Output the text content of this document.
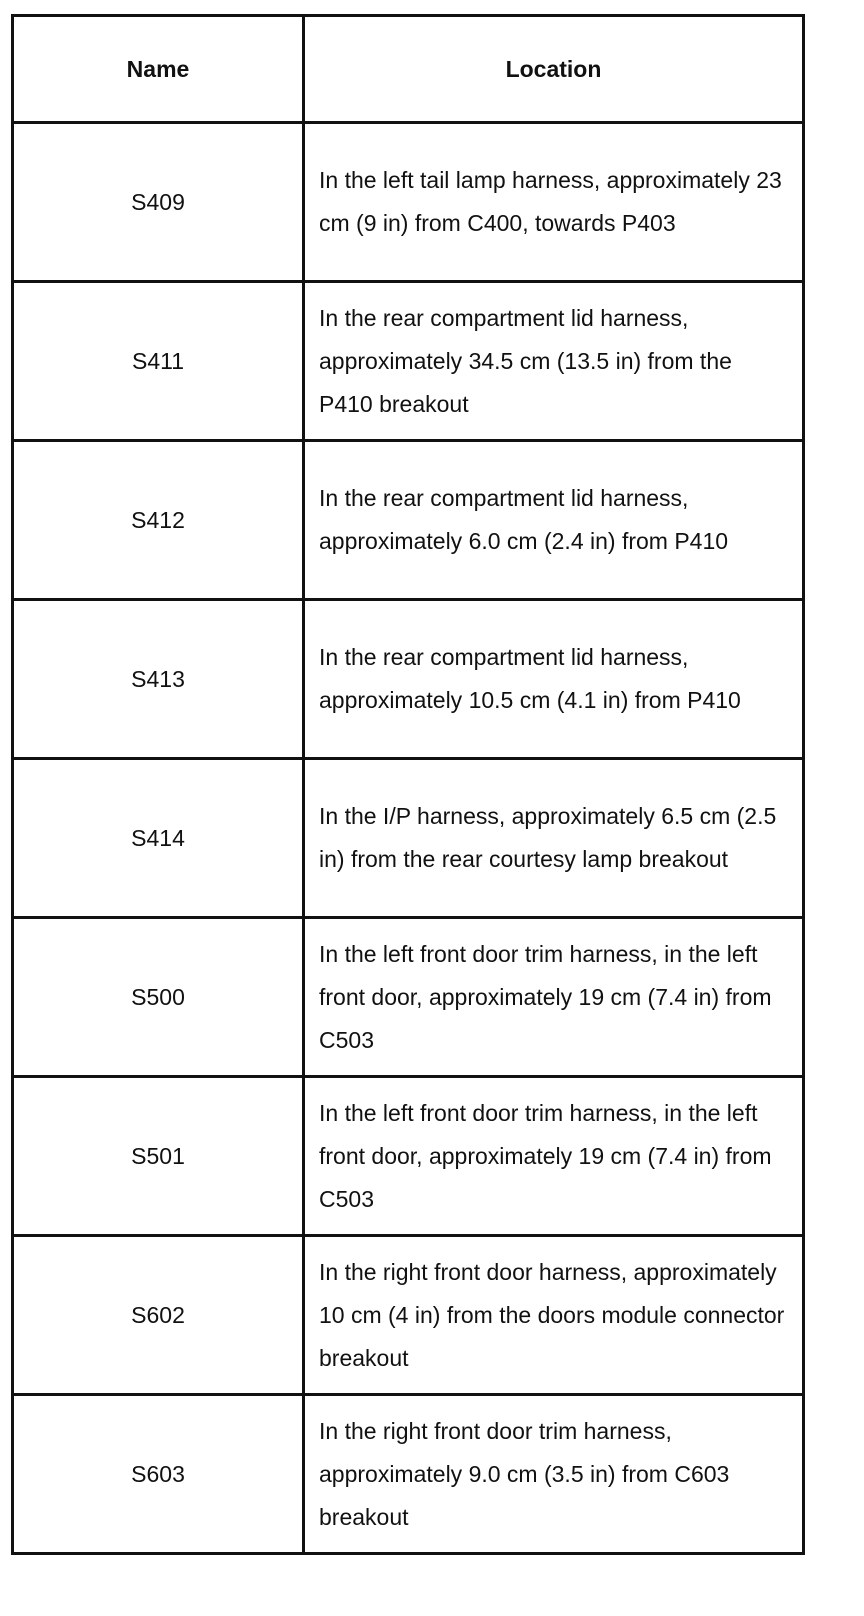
Name	Location
S409	In the left tail lamp harness, approximately 23 cm (9 in) from C400, towards P403
S411	In the rear compartment lid harness, approximately 34.5 cm (13.5 in) from the P410 breakout
S412	In the rear compartment lid harness, approximately 6.0 cm (2.4 in) from P410
S413	In the rear compartment lid harness, approximately 10.5 cm (4.1 in) from P410
S414	In the I/P harness, approximately 6.5 cm (2.5 in) from the rear courtesy lamp breakout
S500	In the left front door trim harness, in the left front door, approximately 19 cm (7.4 in) from C503
S501	In the left front door trim harness, in the left front door, approximately 19 cm (7.4 in) from C503
S602	In the right front door harness, approximately 10 cm (4 in) from the doors module connector breakout
S603	In the right front door trim harness, approximately 9.0 cm (3.5 in) from C603 breakout
